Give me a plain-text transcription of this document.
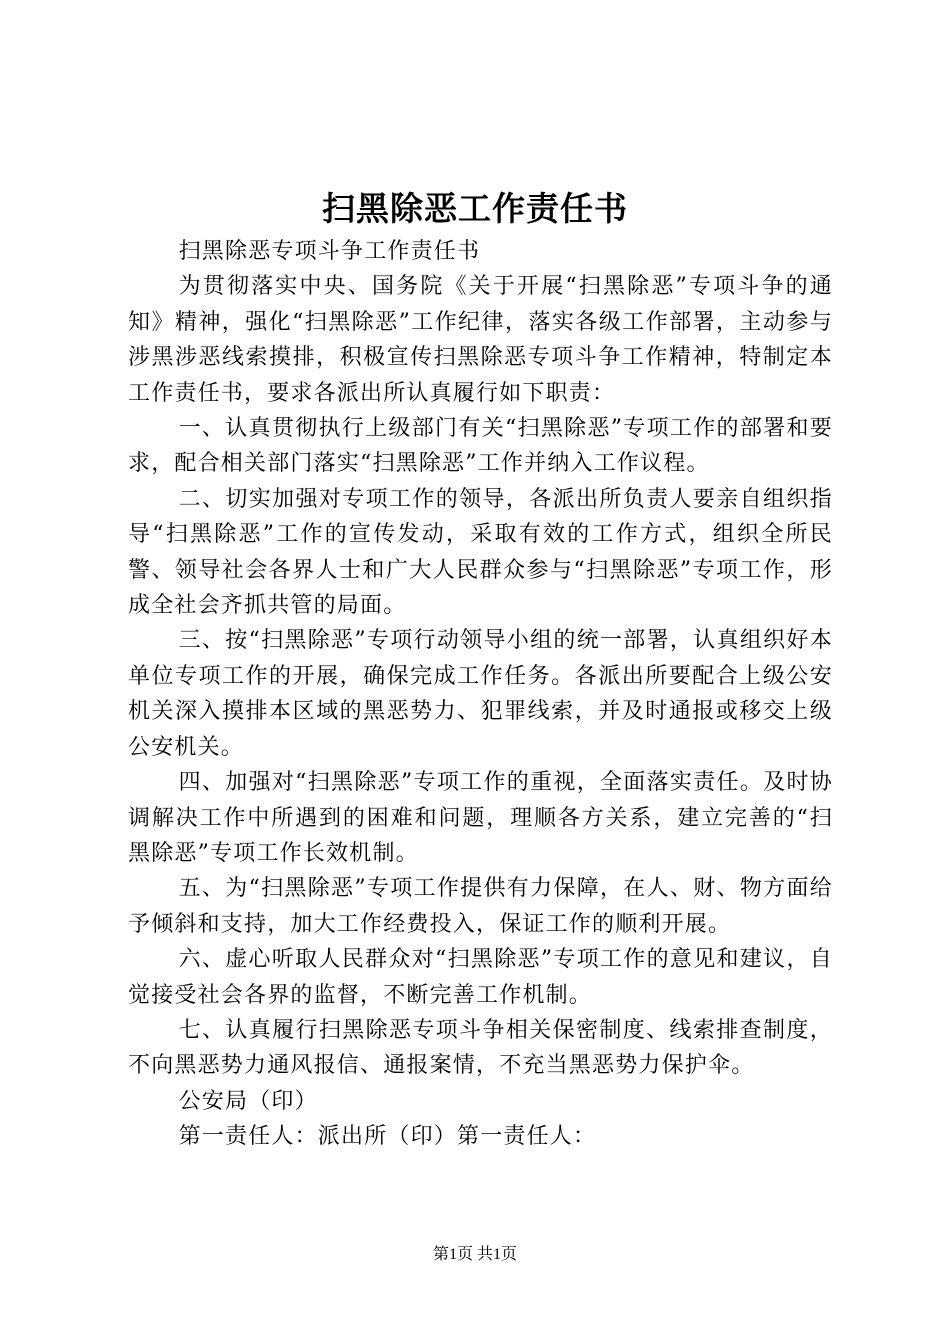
扫黑除恶工作责任书

扫黑除恶专项斗争工作责任书

为贯彻落实中央、国务院《关于开展“扫黑除恶”专项斗争的通知》精神，强化“扫黑除恶”工作纪律，落实各级工作部署，主动参与涉黑涉恶线索摸排，积极宣传扫黑除恶专项斗争工作精神，特制定本工作责任书，要求各派出所认真履行如下职责：

一、认真贯彻执行上级部门有关“扫黑除恶”专项工作的部署和要求，配合相关部门落实“扫黑除恶”工作并纳入工作议程。

二、切实加强对专项工作的领导，各派出所负责人要亲自组织指导“扫黑除恶”工作的宣传发动，采取有效的工作方式，组织全所民警、领导社会各界人士和广大人民群众参与“扫黑除恶”专项工作，形成全社会齐抓共管的局面。

三、按“扫黑除恶”专项行动领导小组的统一部署，认真组织好本单位专项工作的开展，确保完成工作任务。各派出所要配合上级公安机关深入摸排本区域的黑恶势力、犯罪线索，并及时通报或移交上级公安机关。

四、加强对“扫黑除恶”专项工作的重视，全面落实责任。及时协调解决工作中所遇到的困难和问题，理顺各方关系，建立完善的“扫黑除恶”专项工作长效机制。

五、为“扫黑除恶”专项工作提供有力保障，在人、财、物方面给予倾斜和支持，加大工作经费投入，保证工作的顺利开展。

六、虚心听取人民群众对“扫黑除恶”专项工作的意见和建议，自觉接受社会各界的监督，不断完善工作机制。

七、认真履行扫黑除恶专项斗争相关保密制度、线索排查制度，不向黑恶势力通风报信、通报案情，不充当黑恶势力保护伞。

公安局（印）

第一责任人：派出所（印）第一责任人：

第1页 共1页
